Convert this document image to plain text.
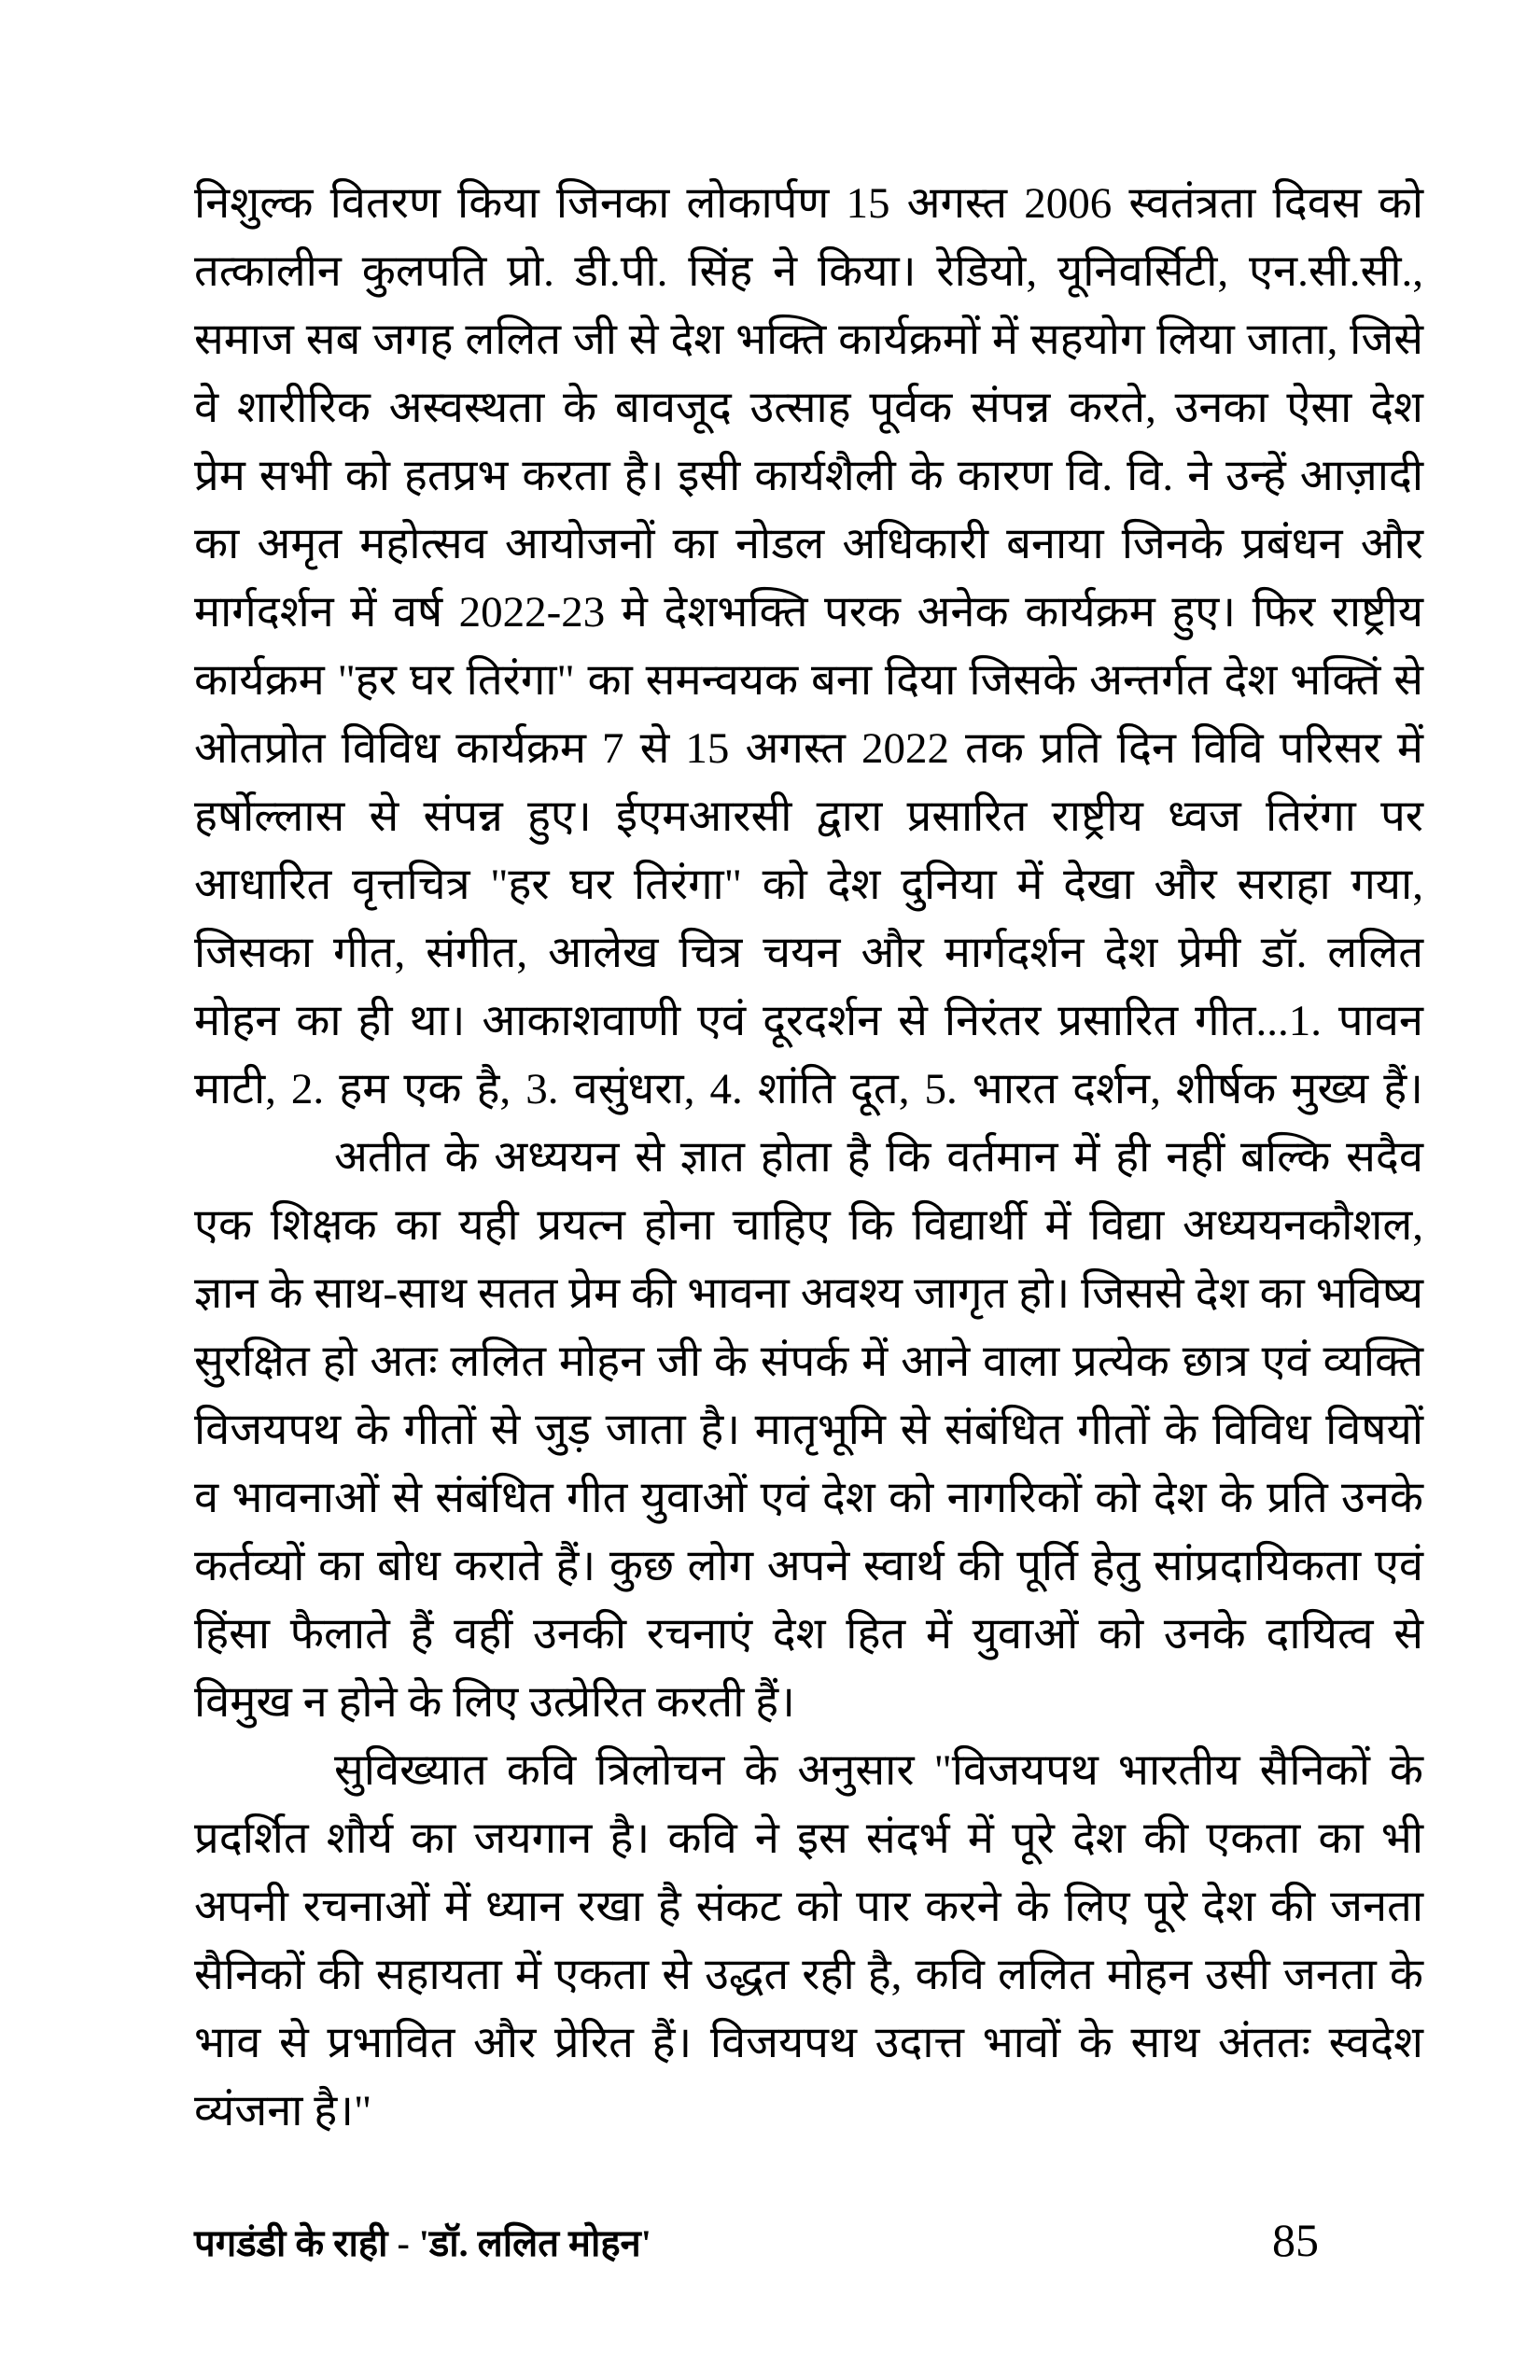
निशुल्क वितरण किया जिनका लोकार्पण 15 अगस्त 2006 स्वतंत्रता दिवस को
तत्कालीन कुलपति प्रो. डी.पी. सिंह ने किया। रेडियो, यूनिवर्सिटी, एन.सी.सी.,
समाज सब जगह ललित जी से देश भक्ति कार्यक्रमों में सहयोग लिया जाता, जिसे
वे शारीरिक अस्वस्थता के बावजूद उत्साह पूर्वक संपन्न करते, उनका ऐसा देश
प्रेम सभी को हतप्रभ करता है। इसी कार्यशैली के कारण वि. वि. ने उन्हें आज़ादी
का अमृत महोत्सव आयोजनों का नोडल अधिकारी बनाया जिनके प्रबंधन और
मार्गदर्शन में वर्ष 2022-23 मे देशभक्ति परक अनेक कार्यक्रम हुए। फिर राष्ट्रीय
कार्यक्रम "हर घर तिरंगा" का समन्वयक बना दिया जिसके अन्तर्गत देश भक्तिं से
ओतप्रोत विविध कार्यक्रम 7 से 15 अगस्त 2022 तक प्रति दिन विवि परिसर में
हर्षोल्लास से संपन्न हुए। ईएमआरसी द्वारा प्रसारित राष्ट्रीय ध्वज तिरंगा पर
आधारित वृत्तचित्र "हर घर तिरंगा" को देश दुनिया में देखा और सराहा गया,
जिसका गीत, संगीत, आलेख चित्र चयन और मार्गदर्शन देश प्रेमी डॉ. ललित
मोहन का ही था। आकाशवाणी एवं दूरदर्शन से निरंतर प्रसारित गीत...1. पावन
माटी, 2. हम एक है, 3. वसुंधरा, 4. शांति दूत, 5. भारत दर्शन, शीर्षक मुख्य हैं।
अतीत के अध्ययन से ज्ञात होता है कि वर्तमान में ही नहीं बल्कि सदैव
एक शिक्षक का यही प्रयत्न होना चाहिए कि विद्यार्थी में विद्या अध्ययनकौशल,
ज्ञान के साथ-साथ सतत प्रेम की भावना अवश्य जागृत हो। जिससे देश का भविष्य
सुरक्षित हो अतः ललित मोहन जी के संपर्क में आने वाला प्रत्येक छात्र एवं व्यक्ति
विजयपथ के गीतों से जुड़ जाता है। मातृभूमि से संबंधित गीतों के विविध विषयों
व भावनाओं से संबंधित गीत युवाओं एवं देश को नागरिकों को देश के प्रति उनके
कर्तव्यों का बोध कराते हैं। कुछ लोग अपने स्वार्थ की पूर्ति हेतु सांप्रदायिकता एवं
हिंसा फैलाते हैं वहीं उनकी रचनाएं देश हित में युवाओं को उनके दायित्व से
विमुख न होने के लिए उत्प्रेरित करती हैं।
सुविख्यात कवि त्रिलोचन के अनुसार "विजयपथ भारतीय सैनिकों के
प्रदर्शित शौर्य का जयगान है। कवि ने इस संदर्भ में पूरे देश की एकता का भी
अपनी रचनाओं में ध्यान रखा है संकट को पार करने के लिए पूरे देश की जनता
सैनिकों की सहायता में एकता से उद्धत रही है, कवि ललित मोहन उसी जनता के
भाव से प्रभावित और प्रेरित हैं। विजयपथ उदात्त भावों के साथ अंततः स्वदेश
व्यंजना है।"
पगडंडी के राही - 'डॉ. ललित मोहन'	85
